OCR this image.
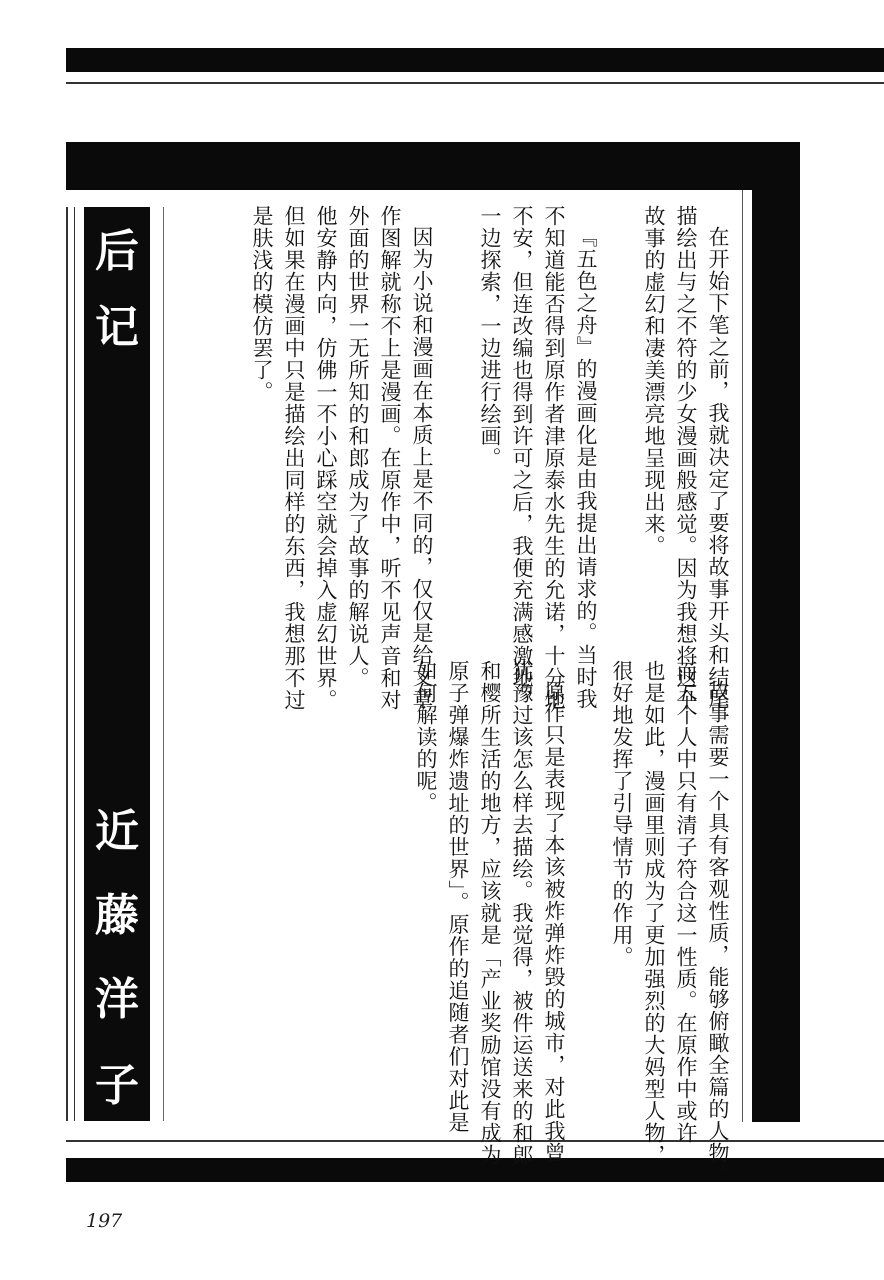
后
记
近
藤
洋
子
在开始下笔之前，我就决定了要将故事开头和结尾
描绘出与之不符的少女漫画般感觉。因为我想将这个
故事的虚幻和凄美漂亮地呈现出来。
『五色之舟』的漫画化是由我提出请求的。当时我
不知道能否得到原作者津原泰水先生的允诺，十分地
不安，但连改编也得到许可之后，我便充满感激地，
一边探索，一边进行绘画。
因为小说和漫画在本质上是不同的，仅仅是给文章
作图解就称不上是漫画。在原作中，听不见声音和对
外面的世界一无所知的和郎成为了故事的解说人。
他安静内向，仿佛一不小心踩空就会掉入虚幻世界。
但如果在漫画中只是描绘出同样的东西，我想那不过
是肤浅的模仿罢了。
故事需要一个具有客观性质，能够俯瞰全篇的人物。
而五个人中只有清子符合这一性质。在原作中或许
也是如此，漫画里则成为了更加强烈的大妈型人物，
很好地发挥了引导情节的作用。
原作只是表现了本该被炸弹炸毁的城市，对此我曾
犹豫过该怎么样去描绘。我觉得，被件运送来的和郎
和樱所生活的地方，应该就是「产业奖励馆没有成为
原子弹爆炸遗址的世界」。原作的追随者们对此是
如何解读的呢。
197
